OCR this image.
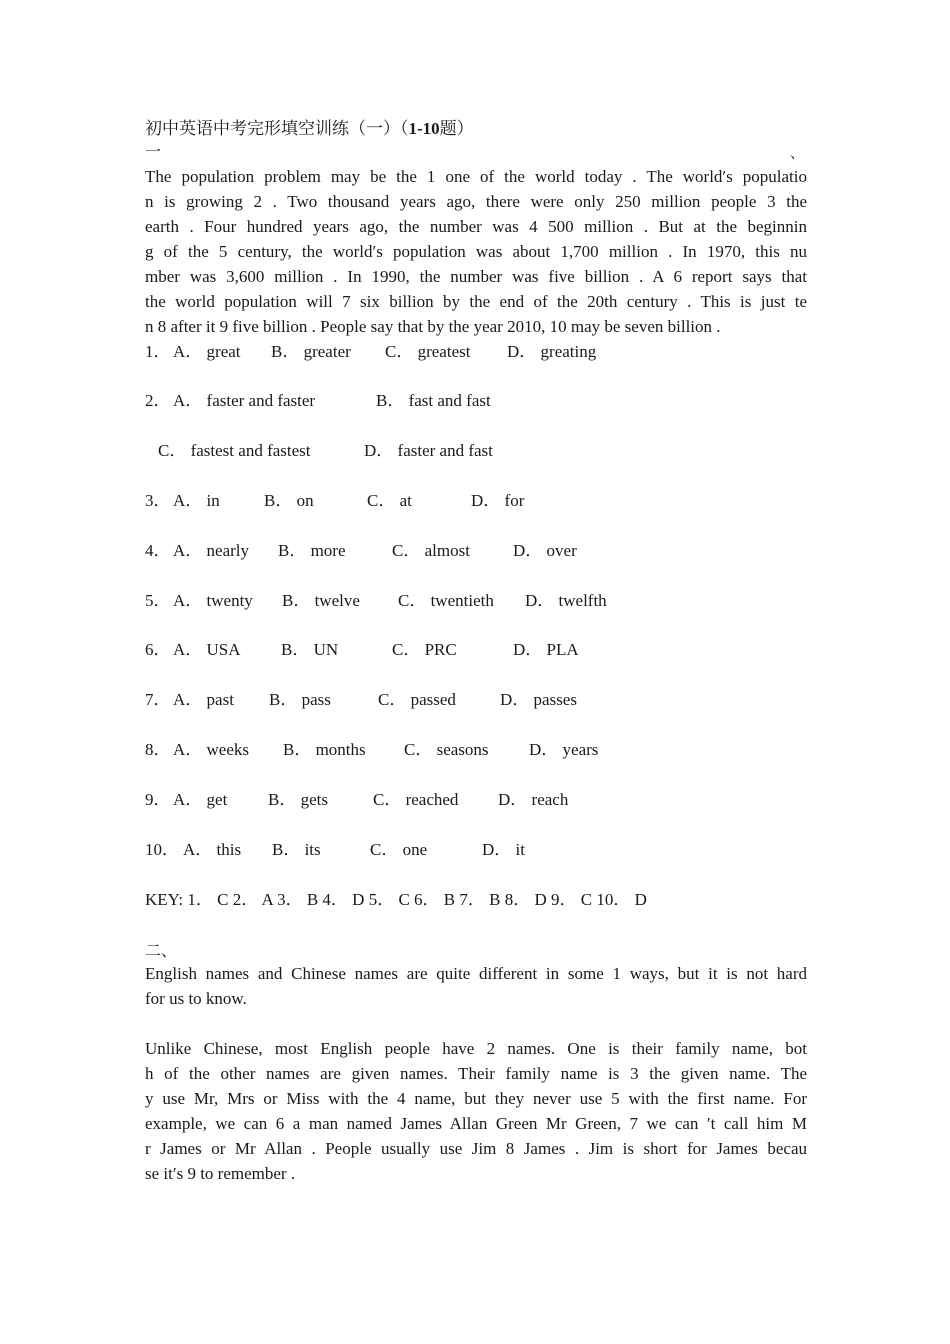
初中英语中考完形填空训练（一）（1-10题）
一	、
The population problem may be the 1 one of the world today . The world′s populatio
n is growing 2 . Two thousand years ago, there were only 250 million people 3 the
earth . Four hundred years ago, the number was 4 500 million . But at the beginnin
g of the 5 century, the world′s population was about 1,700 million . In 1970, this nu
mber was 3,600 million . In 1990, the number was five billion . A 6 report says that
the world population will 7 six billion by the end of the 20th century . This is just te
n 8 after it 9 five billion . People say that by the year 2010, 10 may be seven billion .
1． A． great B． greater C． greatest D． greating
2． A． faster and faster	B． fast and fast
C． fastest and fastest	D． faster and fast
3． A． in	B． on	C． at	D． for
4． A． nearly B． more	C． almost	D． over
5． A． twenty B． twelve C． twentieth D． twelfth
6． A． USA B． UN	C． PRC	D． PLA
7． A． past B． pass	C． passed	D． passes
8． A． weeks B． months C． seasons D． years
9． A． get B． gets	C． reached D． reach
10． A． this B． its	C． one	D． it
KEY: 1． C 2． A 3． B 4． D 5． C 6． B 7． B 8． D 9． C 10． D
二、
English names and Chinese names are quite different in some 1 ways, but it is not hard
for us to know.
Unlike Chinese, most English people have 2 names. One is their family name, bot
h of the other names are given names. Their family name is 3 the given name. The
y use Mr, Mrs or Miss with the 4 name, but they never use 5 with the first name. For
example, we can 6 a man named James Allan Green Mr Green, 7 we can ′t call him M
r James or Mr Allan . People usually use Jim 8 James . Jim is short for James becau
se it′s 9 to remember .
